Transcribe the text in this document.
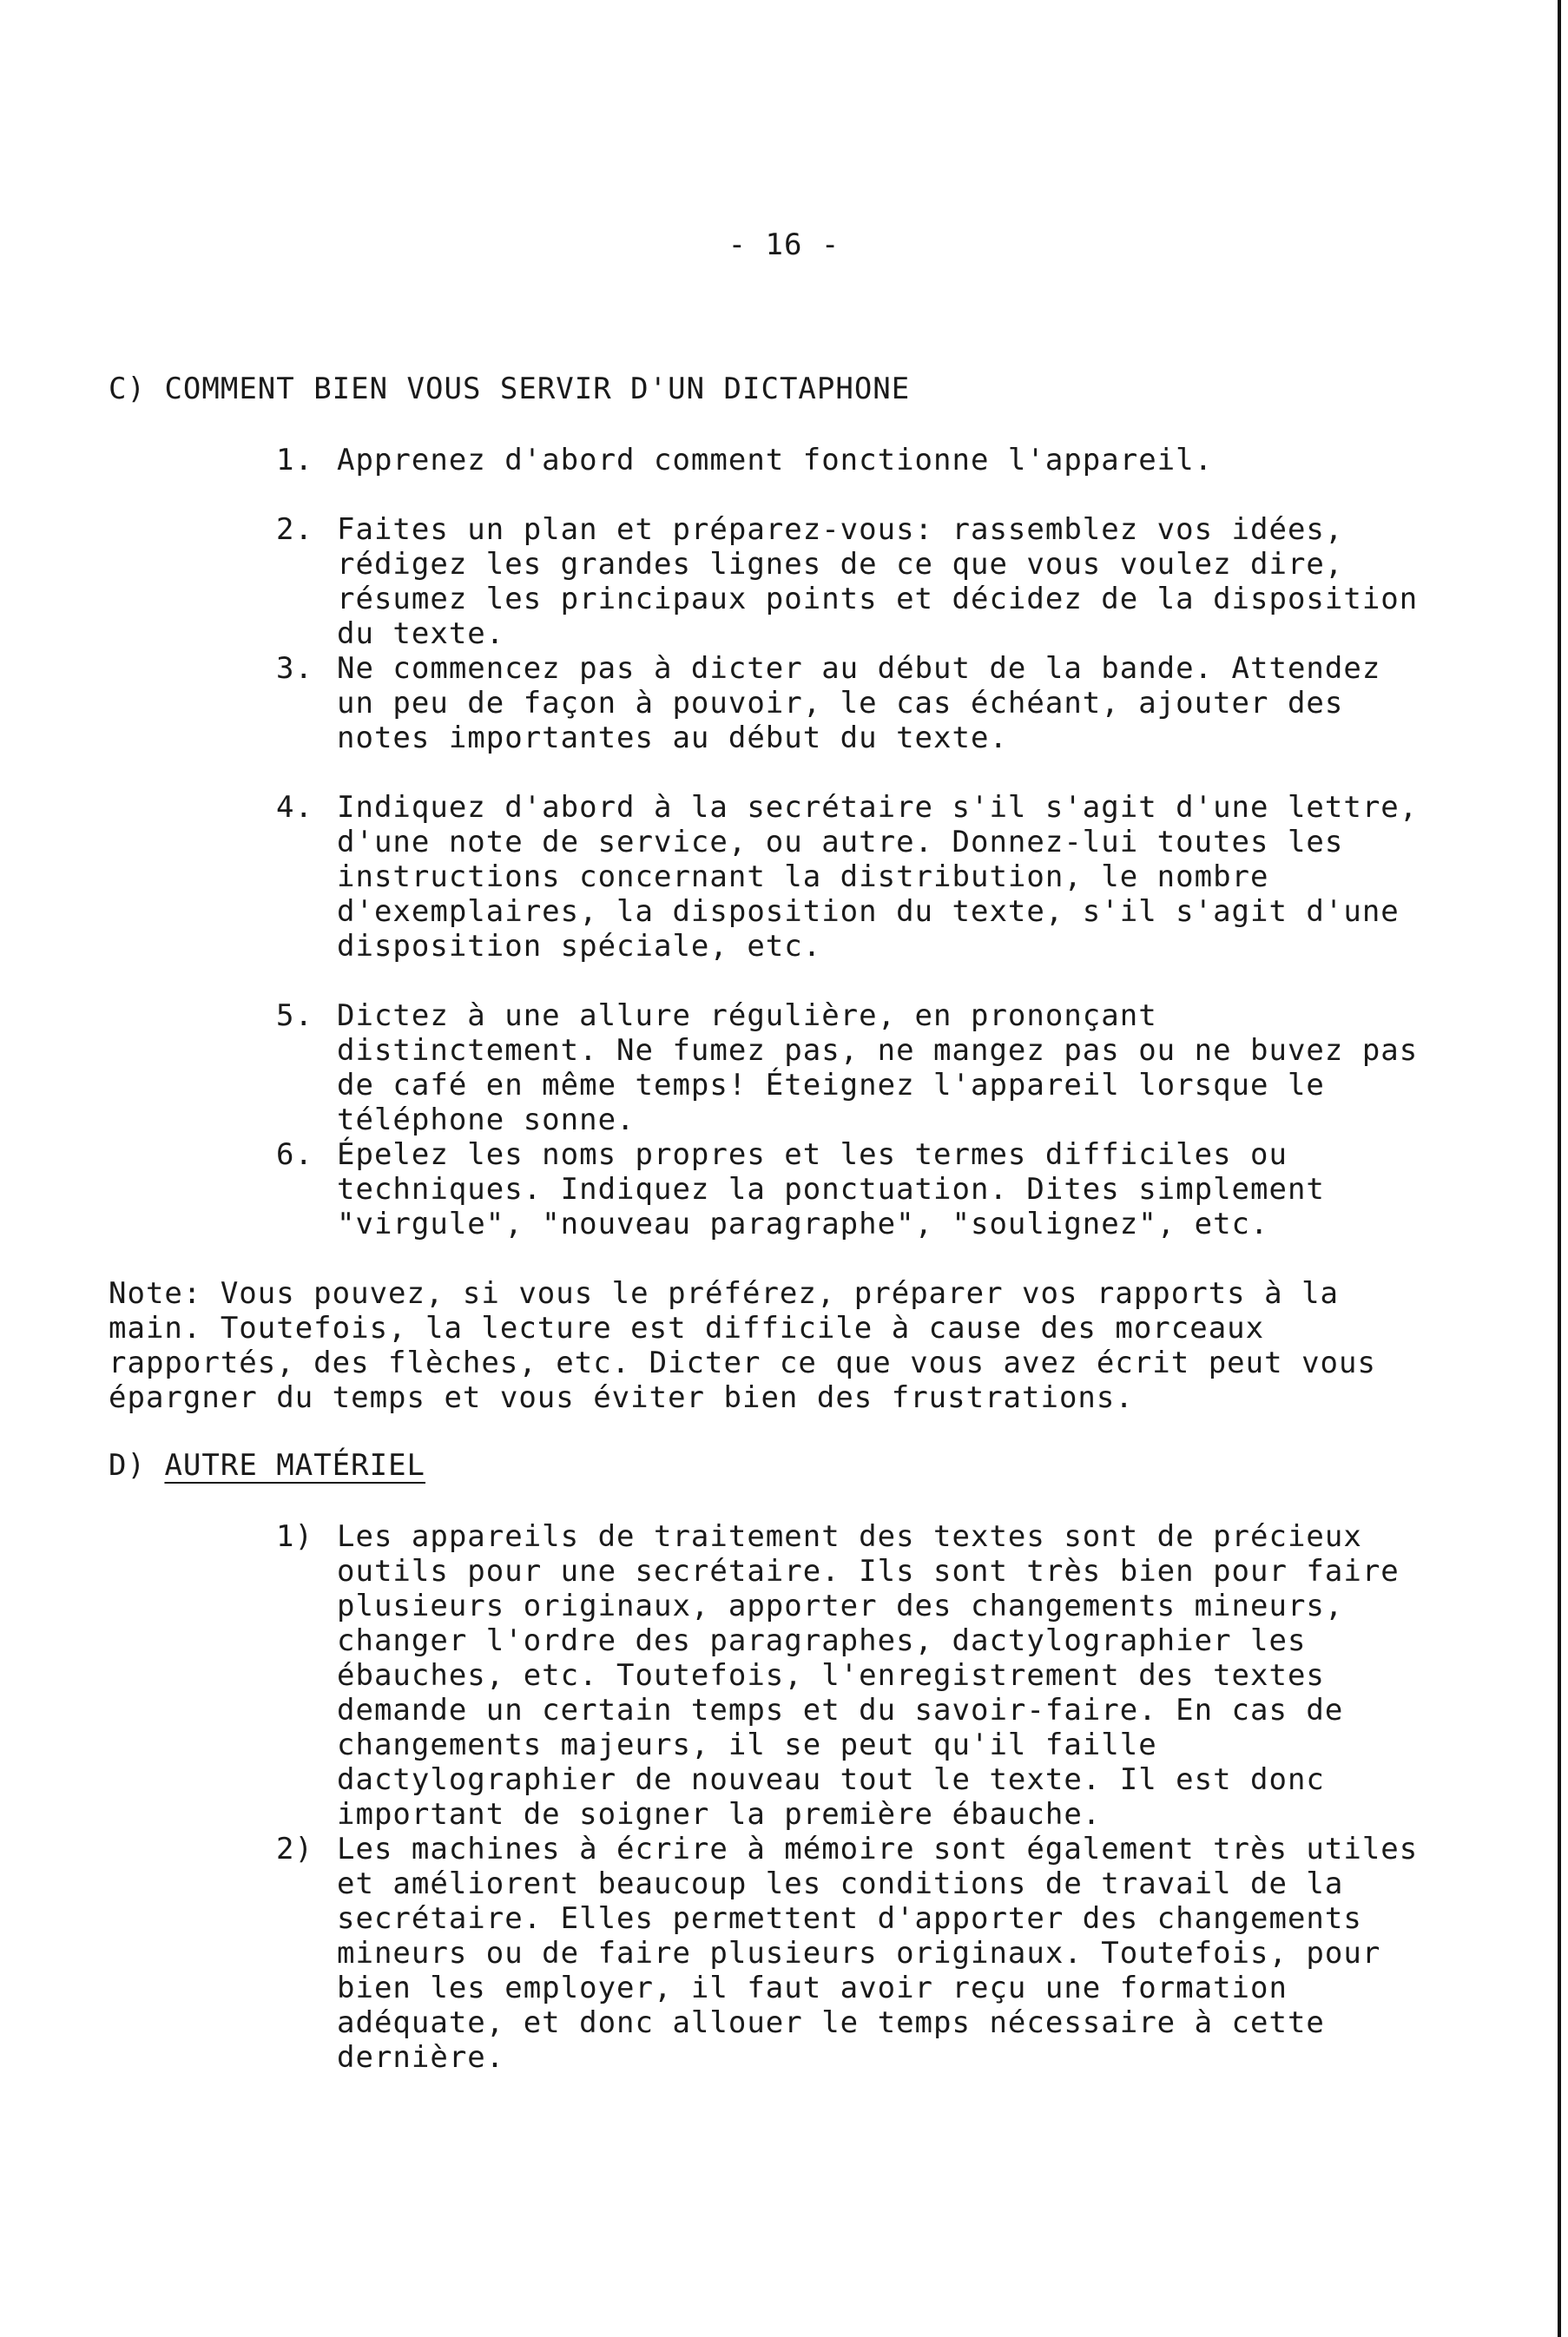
- 16 -
C) COMMENT BIEN VOUS SERVIR D'UN DICTAPHONE
1. Apprenez d'abord comment fonctionne l'appareil.
2. Faites un plan et préparez-vous: rassemblez vos idées, rédigez les grandes lignes de ce que vous voulez dire, résumez les principaux points et décidez de la disposition du texte.
3. Ne commencez pas à dicter au début de la bande. Attendez un peu de façon à pouvoir, le cas échéant, ajouter des notes importantes au début du texte.
4. Indiquez d'abord à la secrétaire s'il s'agit d'une lettre, d'une note de service, ou autre. Donnez-lui toutes les instructions concernant la distribution, le nombre d'exemplaires, la disposition du texte, s'il s'agit d'une disposition spéciale, etc.
5. Dictez à une allure régulière, en prononçant distinctement. Ne fumez pas, ne mangez pas ou ne buvez pas de café en même temps! Éteignez l'appareil lorsque le téléphone sonne.
6. Épelez les noms propres et les termes difficiles ou techniques. Indiquez la ponctuation. Dites simplement "virgule", "nouveau paragraphe", "soulignez", etc.
Note: Vous pouvez, si vous le préférez, préparer vos rapports à la main. Toutefois, la lecture est difficile à cause des morceaux rapportés, des flèches, etc. Dicter ce que vous avez écrit peut vous épargner du temps et vous éviter bien des frustrations.
D) AUTRE MATÉRIEL
1) Les appareils de traitement des textes sont de précieux outils pour une secrétaire. Ils sont très bien pour faire plusieurs originaux, apporter des changements mineurs, changer l'ordre des paragraphes, dactylographier les ébauches, etc. Toutefois, l'enregistrement des textes demande un certain temps et du savoir-faire. En cas de changements majeurs, il se peut qu'il faille dactylographier de nouveau tout le texte. Il est donc important de soigner la première ébauche.
2) Les machines à écrire à mémoire sont également très utiles et améliorent beaucoup les conditions de travail de la secrétaire. Elles permettent d'apporter des changements mineurs ou de faire plusieurs originaux. Toutefois, pour bien les employer, il faut avoir reçu une formation adéquate, et donc allouer le temps nécessaire à cette dernière.
